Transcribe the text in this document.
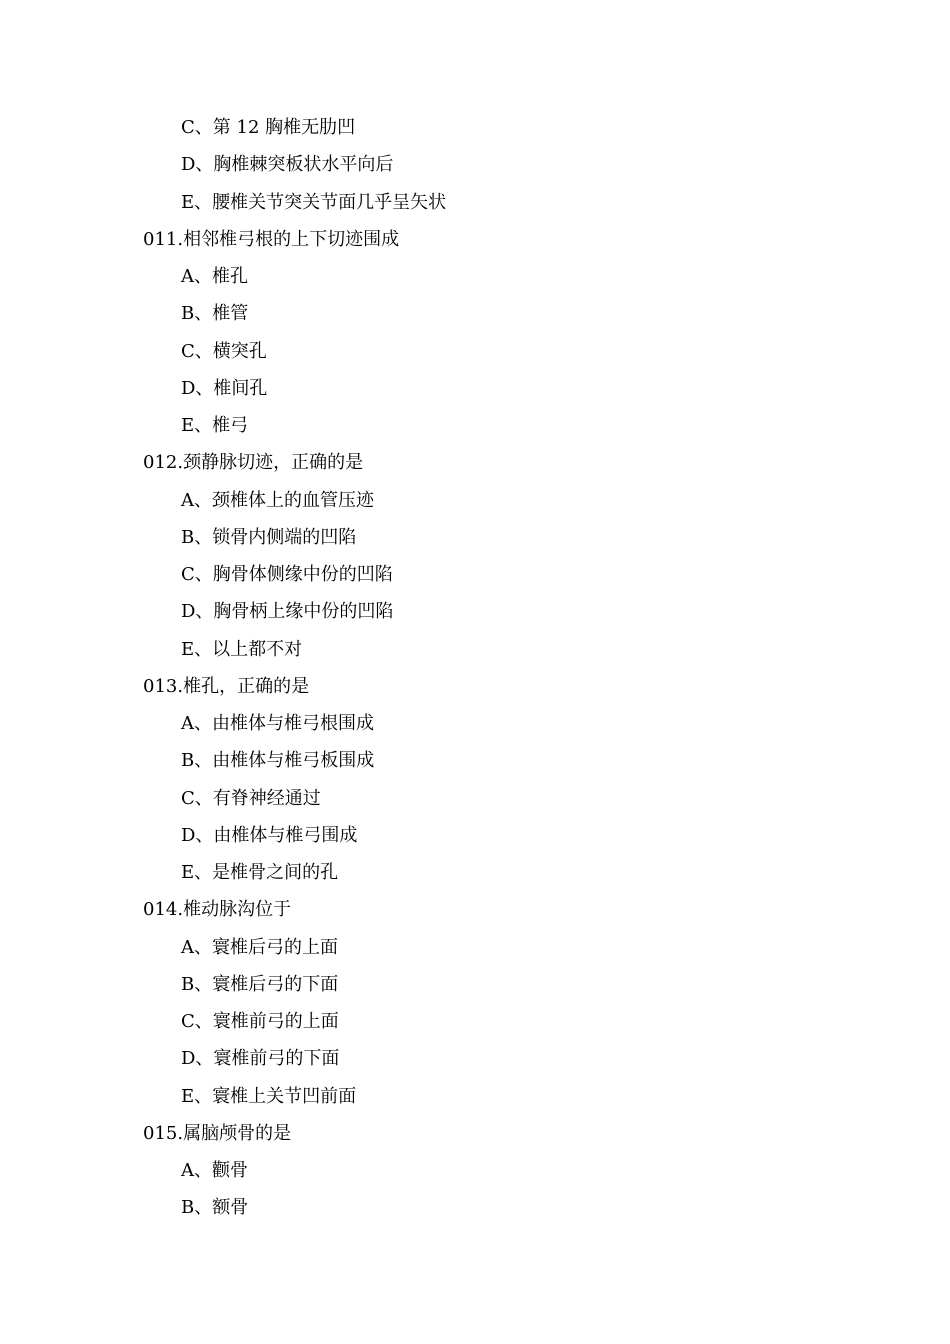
C、第 12 胸椎无肋凹
D、胸椎棘突板状水平向后
E、腰椎关节突关节面几乎呈矢状
011.相邻椎弓根的上下切迹围成
A、椎孔
B、椎管
C、横突孔
D、椎间孔
E、椎弓
012.颈静脉切迹，正确的是
A、颈椎体上的血管压迹
B、锁骨内侧端的凹陷
C、胸骨体侧缘中份的凹陷
D、胸骨柄上缘中份的凹陷
E、以上都不对
013.椎孔，正确的是
A、由椎体与椎弓根围成
B、由椎体与椎弓板围成
C、有脊神经通过
D、由椎体与椎弓围成
E、是椎骨之间的孔
014.椎动脉沟位于
A、寰椎后弓的上面
B、寰椎后弓的下面
C、寰椎前弓的上面
D、寰椎前弓的下面
E、寰椎上关节凹前面
015.属脑颅骨的是
A、颧骨
B、额骨
